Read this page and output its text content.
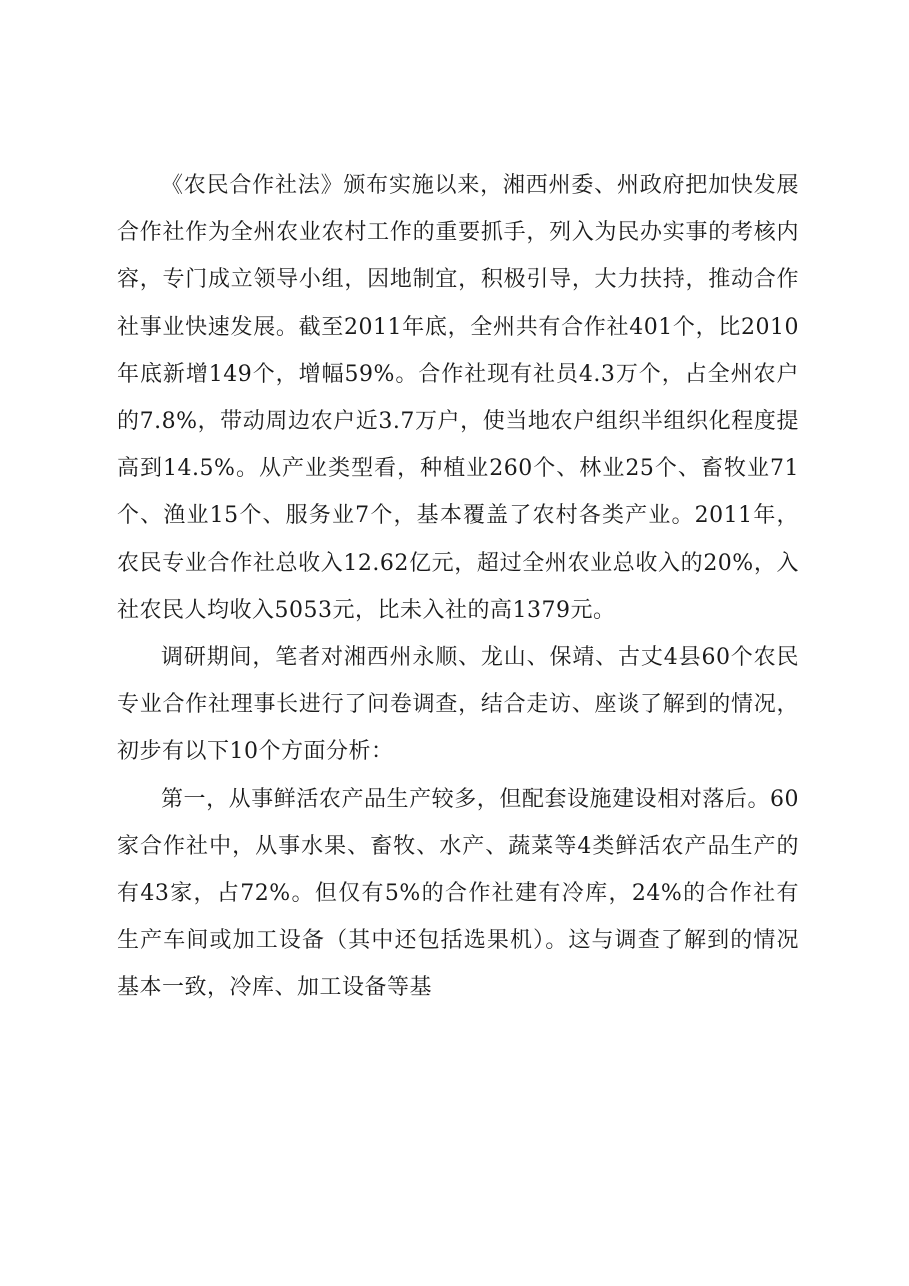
《农民合作社法》颁布实施以来，湘西州委、州政府把加快发展合作社作为全州农业农村工作的重要抓手，列入为民办实事的考核内容，专门成立领导小组，因地制宜，积极引导，大力扶持，推动合作社事业快速发展。截至2011年底，全州共有合作社401个，比2010年底新增149个，增幅59%。合作社现有社员4.3万个，占全州农户的7.8%，带动周边农户近3.7万户，使当地农户组织半组织化程度提高到14.5%。从产业类型看，种植业260个、林业25个、畜牧业71个、渔业15个、服务业7个，基本覆盖了农村各类产业。2011年，农民专业合作社总收入12.62亿元，超过全州农业总收入的20%，入社农民人均收入5053元，比未入社的高1379元。

调研期间，笔者对湘西州永顺、龙山、保靖、古丈4县60个农民专业合作社理事长进行了问卷调查，结合走访、座谈了解到的情况，初步有以下10个方面分析：

第一，从事鲜活农产品生产较多，但配套设施建设相对落后。60家合作社中，从事水果、畜牧、水产、蔬菜等4类鲜活农产品生产的有43家，占72%。但仅有5%的合作社建有冷库，24%的合作社有生产车间或加工设备（其中还包括选果机）。这与调查了解到的情况基本一致，冷库、加工设备等基
